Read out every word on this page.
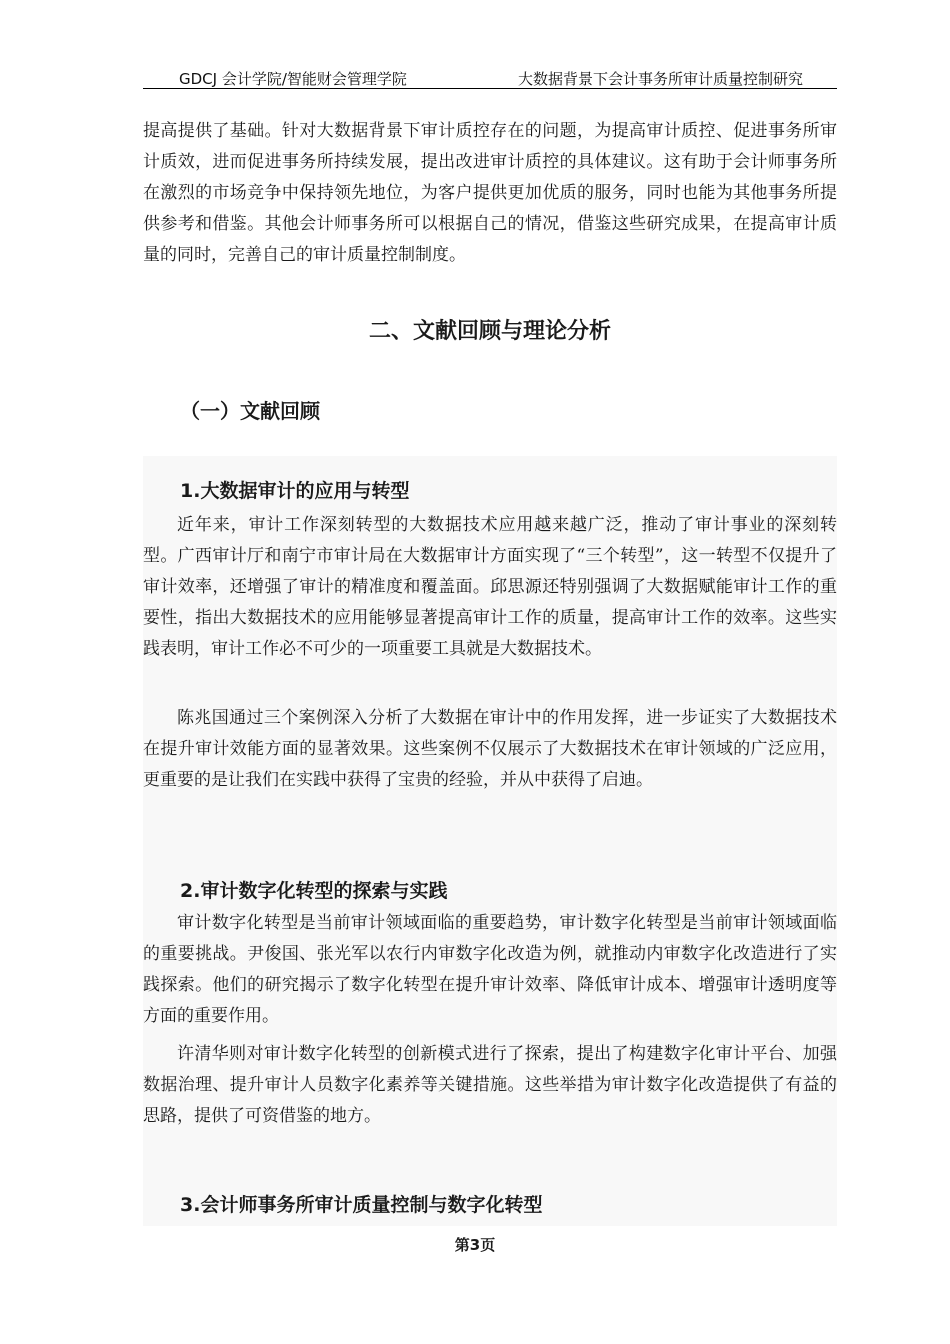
GDCJ 会计学院/智能财会管理学院	大数据背景下会计事务所审计质量控制研究

提高提供了基础。针对大数据背景下审计质控存在的问题，为提高审计质控、促进事务所审计质效，进而促进事务所持续发展，提出改进审计质控的具体建议。这有助于会计师事务所在激烈的市场竞争中保持领先地位，为客户提供更加优质的服务，同时也能为其他事务所提供参考和借鉴。其他会计师事务所可以根据自己的情况，借鉴这些研究成果，在提高审计质量的同时，完善自己的审计质量控制制度。

二、文献回顾与理论分析
（一）文献回顾
1.大数据审计的应用与转型

近年来，审计工作深刻转型的大数据技术应用越来越广泛，推动了审计事业的深刻转型。广西审计厅和南宁市审计局在大数据审计方面实现了“三个转型”，这一转型不仅提升了审计效率，还增强了审计的精准度和覆盖面。邱思源还特别强调了大数据赋能审计工作的重要性，指出大数据技术的应用能够显著提高审计工作的质量，提高审计工作的效率。这些实践表明，审计工作必不可少的一项重要工具就是大数据技术。

陈兆国通过三个案例深入分析了大数据在审计中的作用发挥，进一步证实了大数据技术在提升审计效能方面的显著效果。这些案例不仅展示了大数据技术在审计领域的广泛应用，更重要的是让我们在实践中获得了宝贵的经验，并从中获得了启迪。

2.审计数字化转型的探索与实践

审计数字化转型是当前审计领域面临的重要趋势，审计数字化转型是当前审计领域面临的重要挑战。尹俊国、张光军以农行内审数字化改造为例，就推动内审数字化改造进行了实践探索。他们的研究揭示了数字化转型在提升审计效率、降低审计成本、增强审计透明度等方面的重要作用。

许清华则对审计数字化转型的创新模式进行了探索，提出了构建数字化审计平台、加强数据治理、提升审计人员数字化素养等关键措施。这些举措为审计数字化改造提供了有益的思路，提供了可资借鉴的地方。

3.会计师事务所审计质量控制与数字化转型
第3页
